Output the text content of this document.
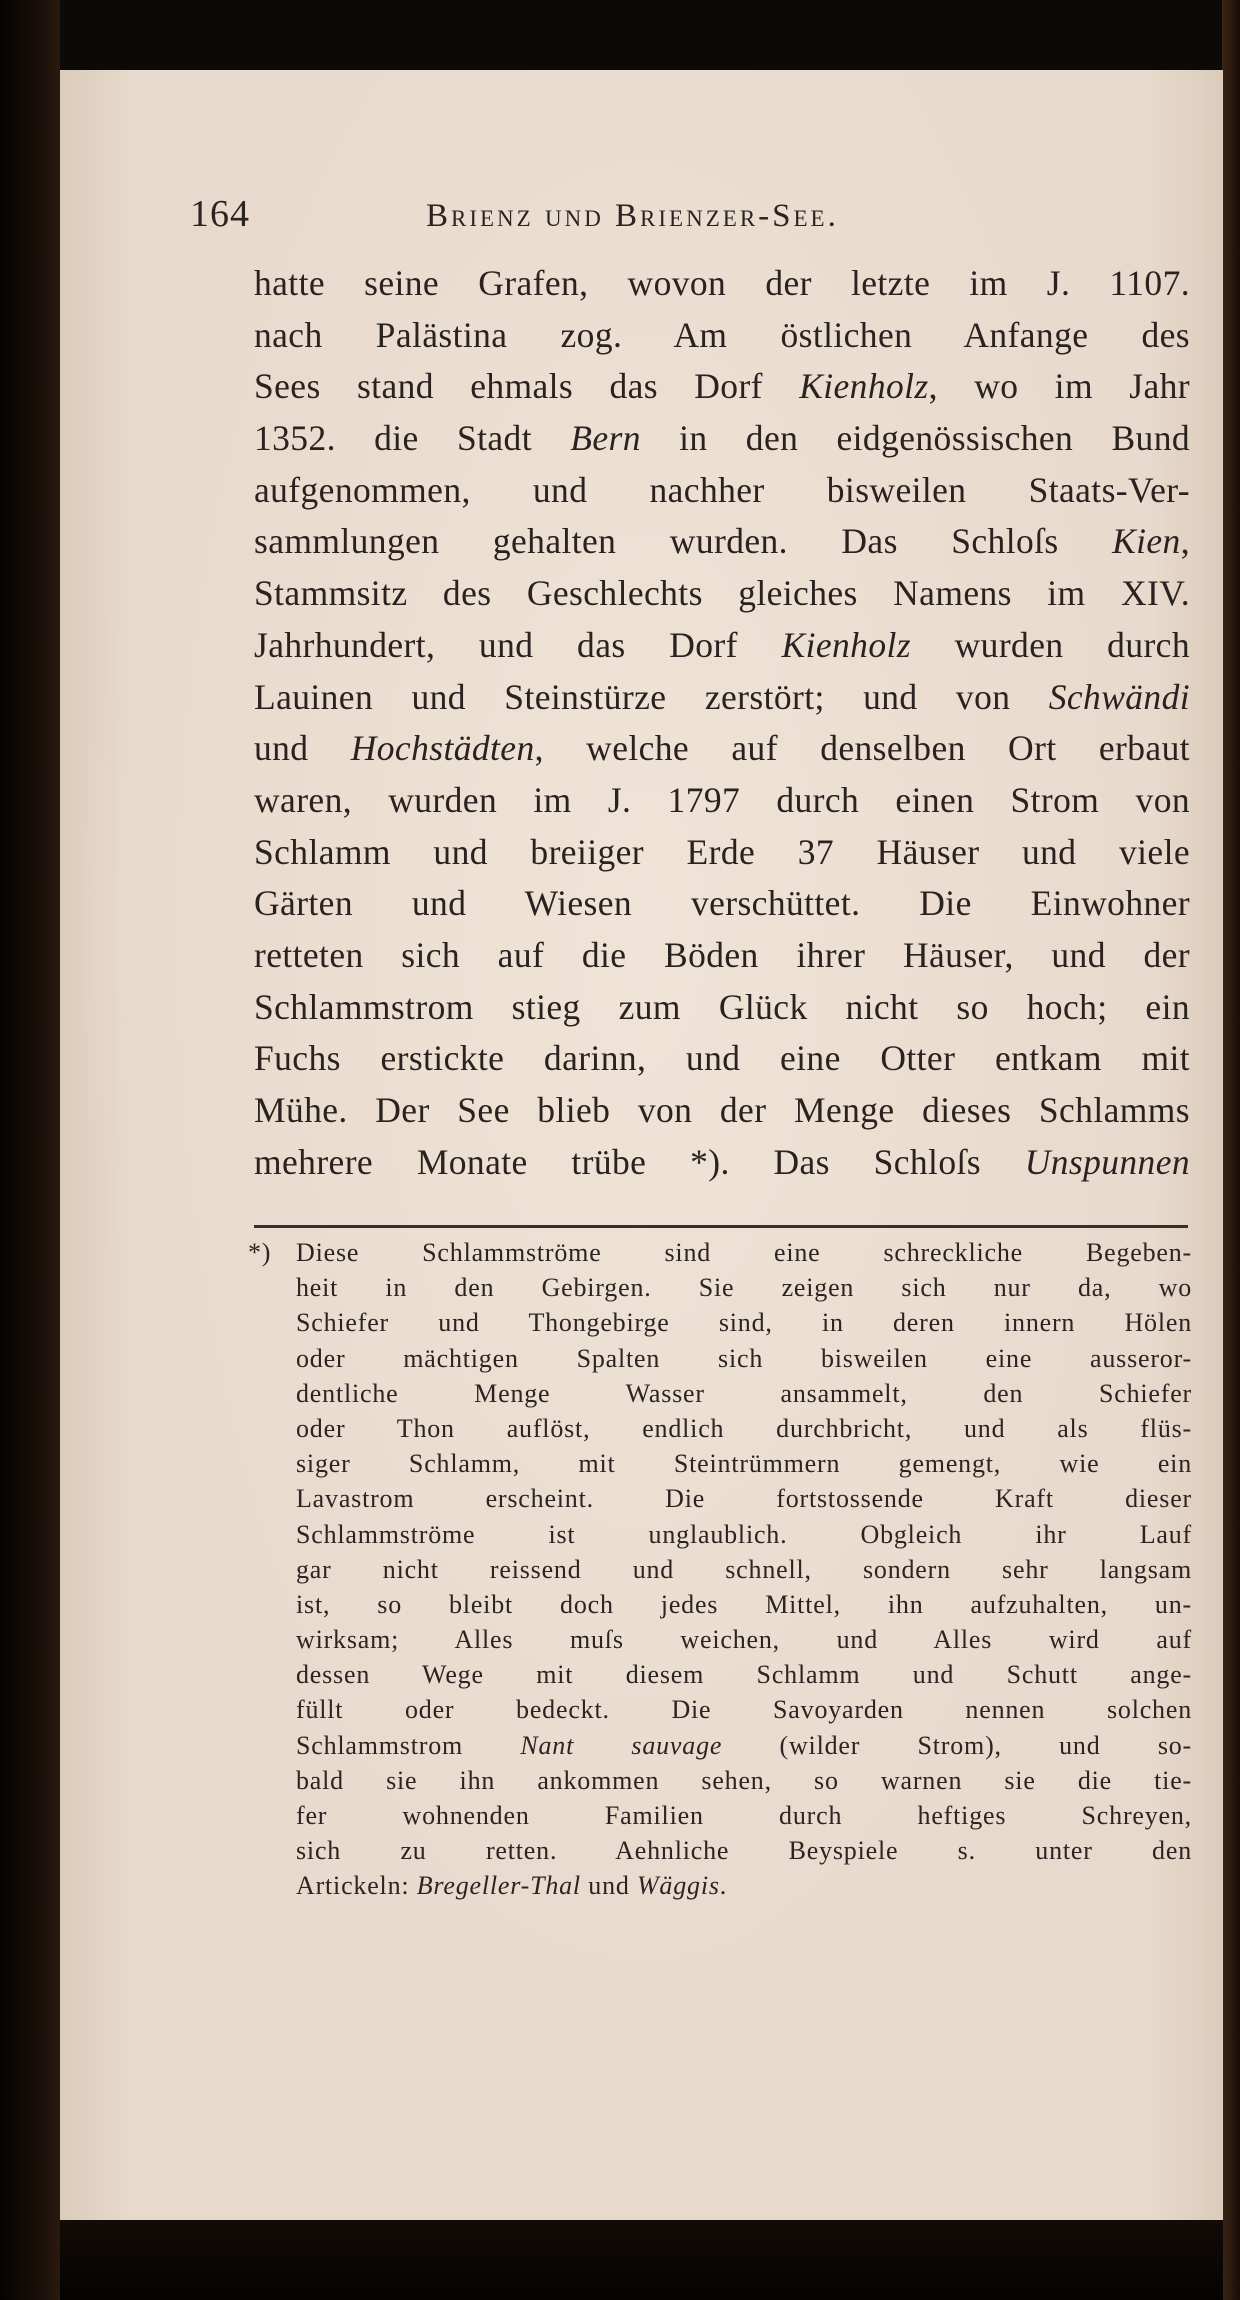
164	Brienz und Brienzer-See.
hatte seine Grafen, wovon der letzte im J. 1107.
nach Palästina zog. Am östlichen Anfange des
Sees stand ehmals das Dorf Kienholz, wo im Jahr
1352. die Stadt Bern in den eidgenössischen Bund
aufgenommen, und nachher bisweilen Staats-Ver-
sammlungen gehalten wurden. Das Schloſs Kien,
Stammsitz des Geschlechts gleiches Namens im XIV.
Jahrhundert, und das Dorf Kienholz wurden durch
Lauinen und Steinstürze zerstört; und von Schwändi
und Hochstädten, welche auf denselben Ort erbaut
waren, wurden im J. 1797 durch einen Strom von
Schlamm und breiiger Erde 37 Häuser und viele
Gärten und Wiesen verschüttet. Die Einwohner
retteten sich auf die Böden ihrer Häuser, und der
Schlammstrom stieg zum Glück nicht so hoch; ein
Fuchs erstickte darinn, und eine Otter entkam mit
Mühe. Der See blieb von der Menge dieses Schlamms
mehrere Monate trübe *). Das Schloſs Unspunnen
*) Diese Schlammströme sind eine schreckliche Begeben-
heit in den Gebirgen. Sie zeigen sich nur da, wo
Schiefer und Thongebirge sind, in deren innern Hölen
oder mächtigen Spalten sich bisweilen eine ausseror-
dentliche Menge Wasser ansammelt, den Schiefer
oder Thon auflöst, endlich durchbricht, und als flüs-
siger Schlamm, mit Steintrümmern gemengt, wie ein
Lavastrom erscheint. Die fortstossende Kraft dieser
Schlammströme ist unglaublich. Obgleich ihr Lauf
gar nicht reissend und schnell, sondern sehr langsam
ist, so bleibt doch jedes Mittel, ihn aufzuhalten, un-
wirksam; Alles muſs weichen, und Alles wird auf
dessen Wege mit diesem Schlamm und Schutt ange-
füllt oder bedeckt. Die Savoyarden nennen solchen
Schlammstrom Nant sauvage (wilder Strom), und so-
bald sie ihn ankommen sehen, so warnen sie die tie-
fer wohnenden Familien durch heftiges Schreyen,
sich zu retten. Aehnliche Beyspiele s. unter den
Artickeln: Bregeller-Thal und Wäggis.
